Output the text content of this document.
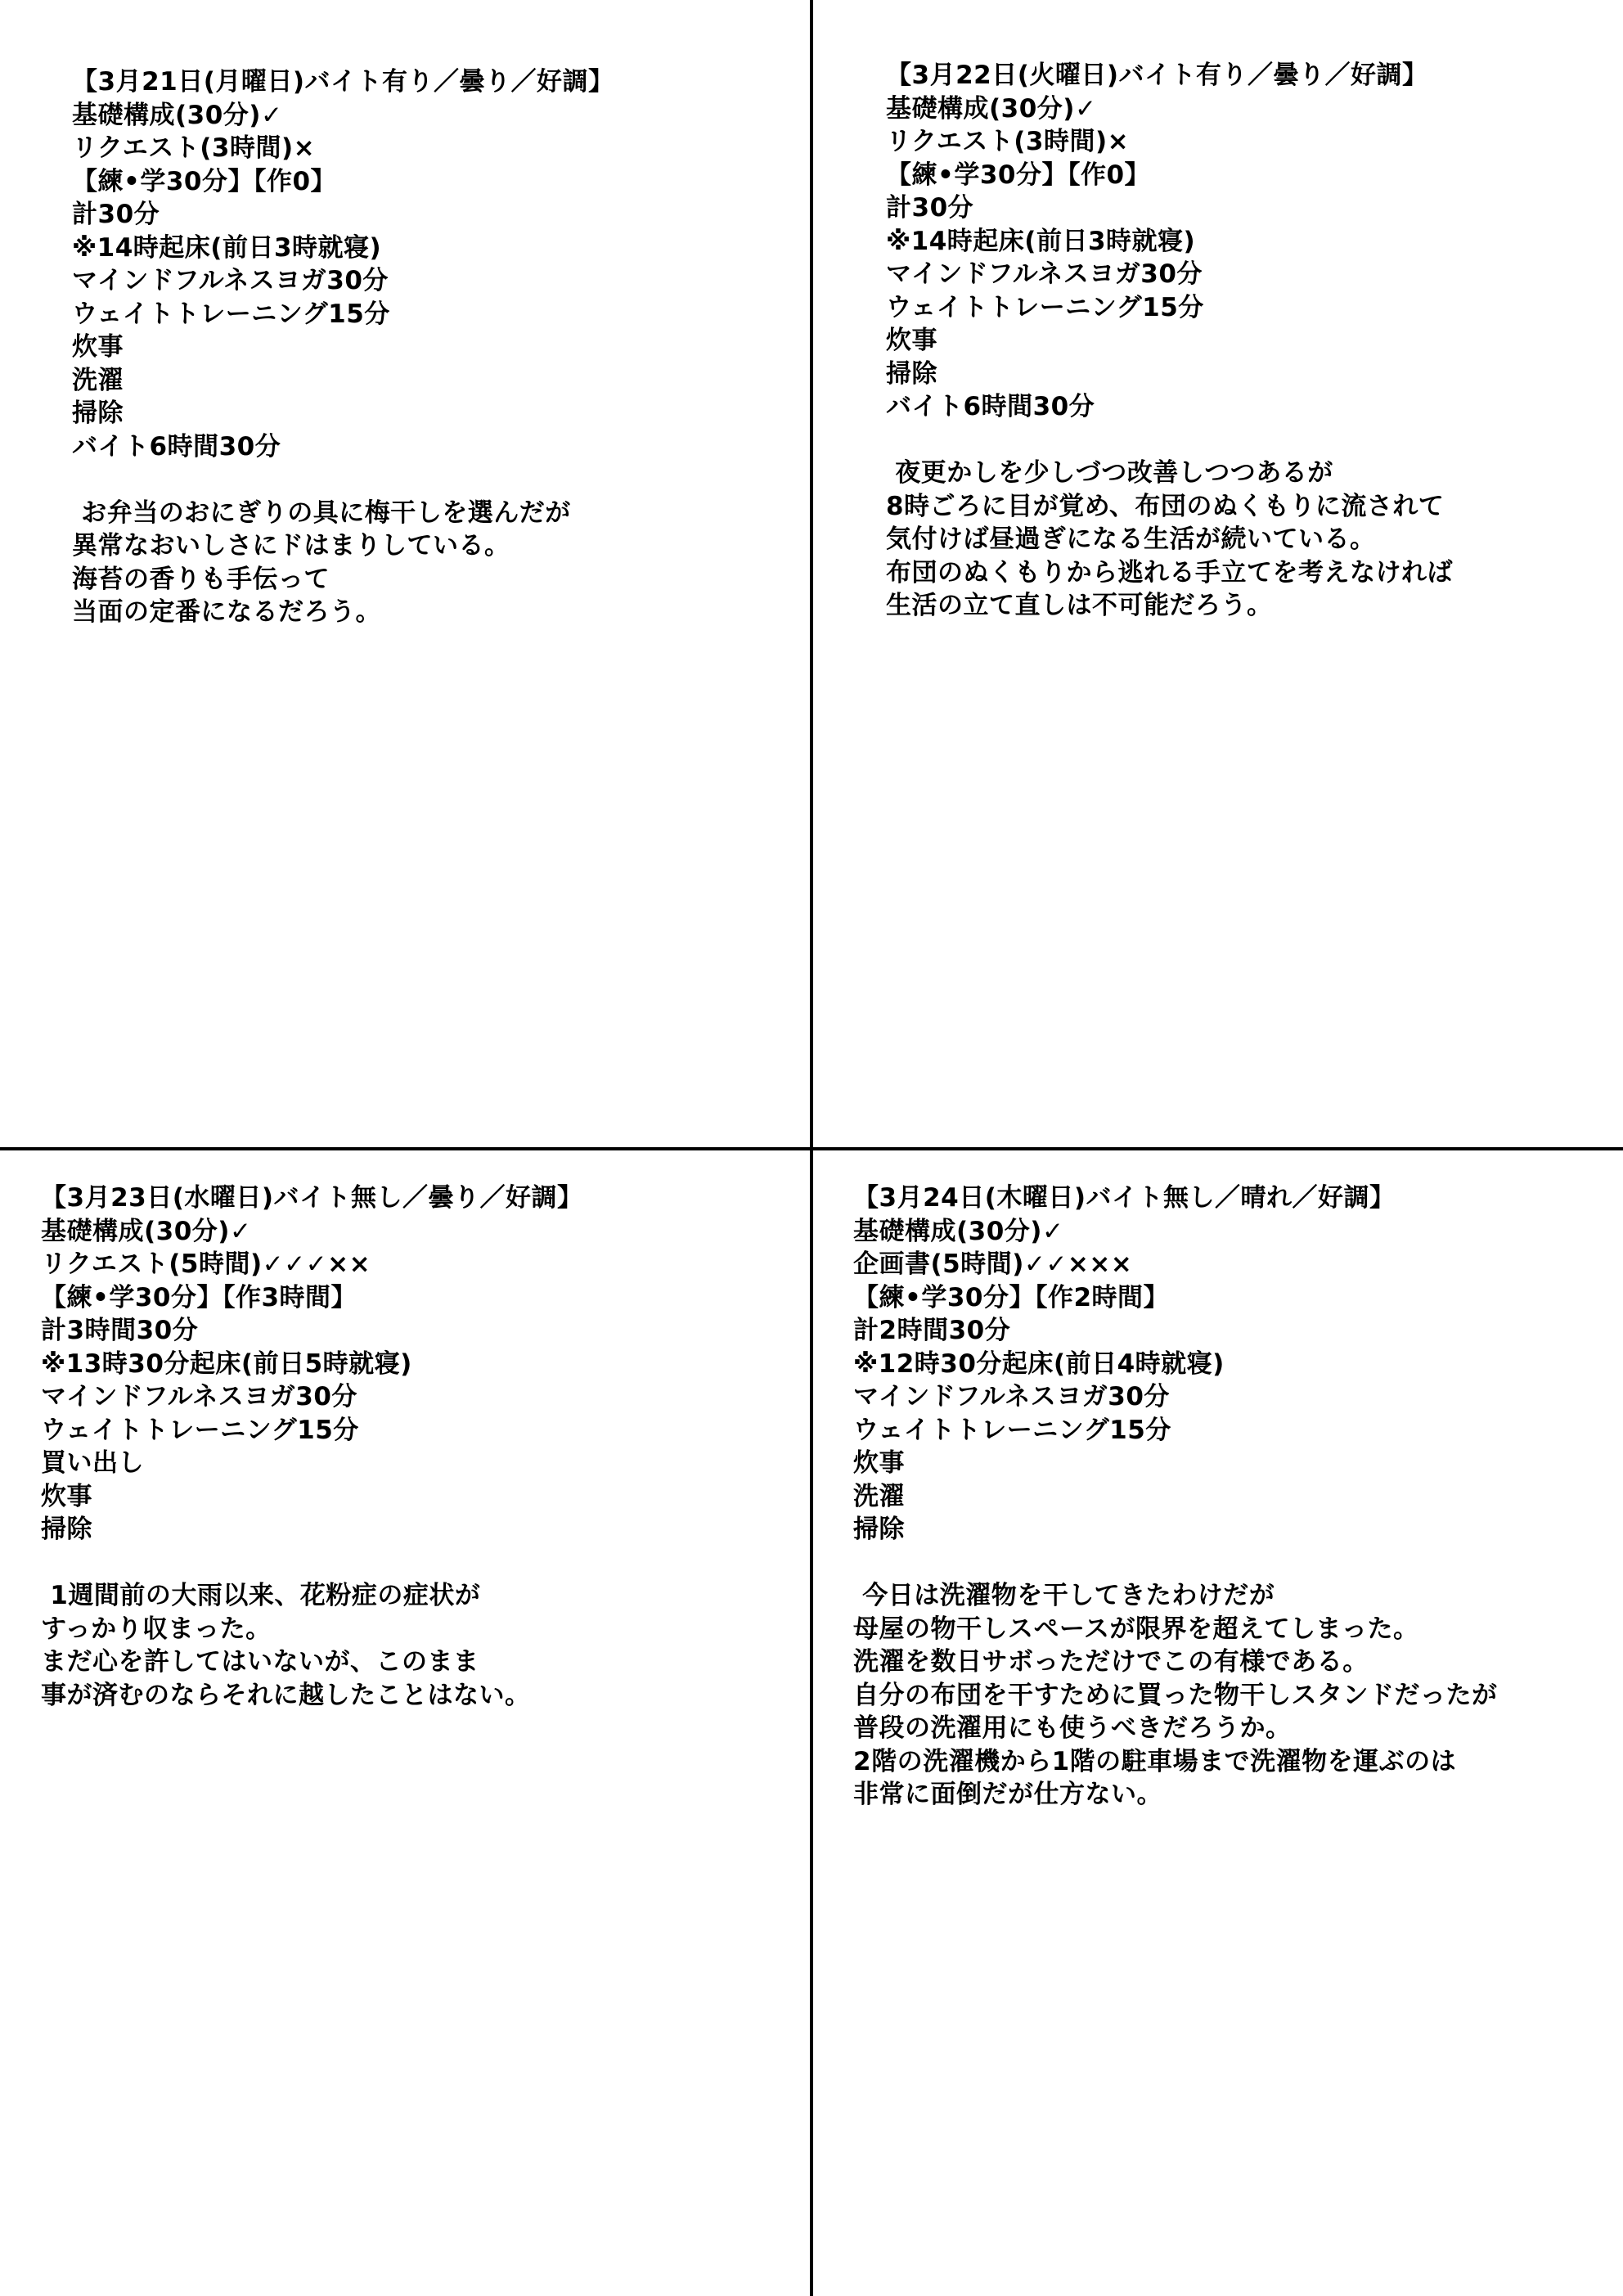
【3月21日(月曜日)バイト有り／曇り／好調】
基礎構成(30分)✓
リクエスト(3時間)×
【練•学30分】【作0】
計30分
※14時起床(前日3時就寝)
マインドフルネスヨガ30分
ウェイトトレーニング15分
炊事
洗濯
掃除
バイト6時間30分
お弁当のおにぎりの具に梅干しを選んだが
異常なおいしさにドはまりしている。
海苔の香りも手伝って
当面の定番になるだろう。
【3月22日(火曜日)バイト有り／曇り／好調】
基礎構成(30分)✓
リクエスト(3時間)×
【練•学30分】【作0】
計30分
※14時起床(前日3時就寝)
マインドフルネスヨガ30分
ウェイトトレーニング15分
炊事
掃除
バイト6時間30分
夜更かしを少しづつ改善しつつあるが
8時ごろに目が覚め、布団のぬくもりに流されて
気付けば昼過ぎになる生活が続いている。
布団のぬくもりから逃れる手立てを考えなければ
生活の立て直しは不可能だろう。
【3月23日(水曜日)バイト無し／曇り／好調】
基礎構成(30分)✓
リクエスト(5時間)✓✓✓××
【練•学30分】【作3時間】
計3時間30分
※13時30分起床(前日5時就寝)
マインドフルネスヨガ30分
ウェイトトレーニング15分
買い出し
炊事
掃除
1週間前の大雨以来、花粉症の症状が
すっかり収まった。
まだ心を許してはいないが、このまま
事が済むのならそれに越したことはない。
【3月24日(木曜日)バイト無し／晴れ／好調】
基礎構成(30分)✓
企画書(5時間)✓✓×××
【練•学30分】【作2時間】
計2時間30分
※12時30分起床(前日4時就寝)
マインドフルネスヨガ30分
ウェイトトレーニング15分
炊事
洗濯
掃除
今日は洗濯物を干してきたわけだが
母屋の物干しスペースが限界を超えてしまった。
洗濯を数日サボっただけでこの有様である。
自分の布団を干すために買った物干しスタンドだったが
普段の洗濯用にも使うべきだろうか。
2階の洗濯機から1階の駐車場まで洗濯物を運ぶのは
非常に面倒だが仕方ない。
